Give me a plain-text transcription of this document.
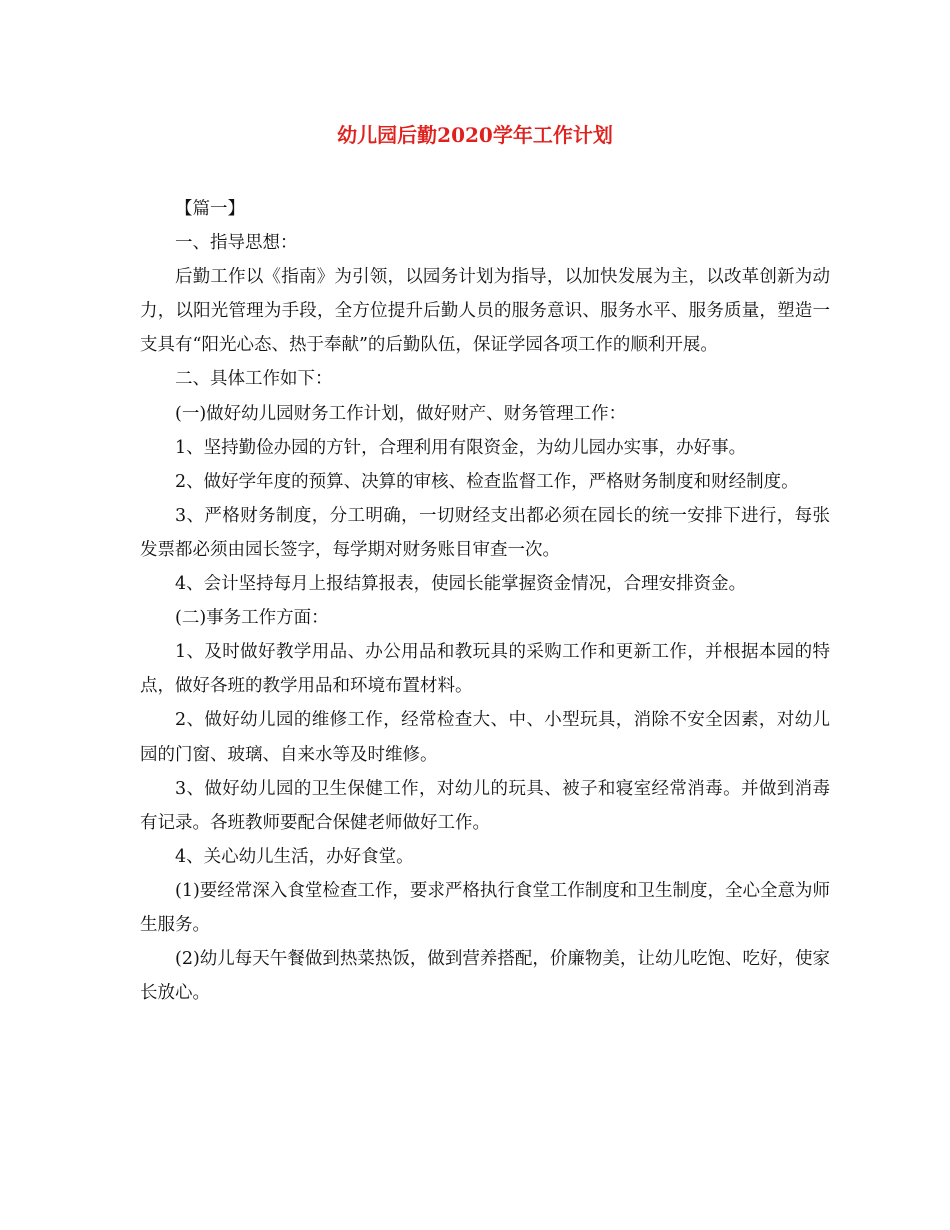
幼儿园后勤2020学年工作计划

【篇一】

一、指导思想：

后勤工作以《指南》为引领，以园务计划为指导，以加快发展为主，以改革创新为动力，以阳光管理为手段，全方位提升后勤人员的服务意识、服务水平、服务质量，塑造一支具有“阳光心态、热于奉献”的后勤队伍，保证学园各项工作的顺利开展。

二、具体工作如下：

(一)做好幼儿园财务工作计划，做好财产、财务管理工作：

1、坚持勤俭办园的方针，合理利用有限资金，为幼儿园办实事，办好事。

2、做好学年度的预算、决算的审核、检查监督工作，严格财务制度和财经制度。

3、严格财务制度，分工明确，一切财经支出都必须在园长的统一安排下进行，每张发票都必须由园长签字，每学期对财务账目审查一次。

4、会计坚持每月上报结算报表，使园长能掌握资金情况，合理安排资金。

(二)事务工作方面：

1、及时做好教学用品、办公用品和教玩具的采购工作和更新工作，并根据本园的特点，做好各班的教学用品和环境布置材料。

2、做好幼儿园的维修工作，经常检查大、中、小型玩具，消除不安全因素，对幼儿园的门窗、玻璃、自来水等及时维修。

3、做好幼儿园的卫生保健工作，对幼儿的玩具、被子和寝室经常消毒。并做到消毒有记录。各班教师要配合保健老师做好工作。

4、关心幼儿生活，办好食堂。

(1)要经常深入食堂检查工作，要求严格执行食堂工作制度和卫生制度，全心全意为师生服务。

(2)幼儿每天午餐做到热菜热饭，做到营养搭配，价廉物美，让幼儿吃饱、吃好，使家长放心。
